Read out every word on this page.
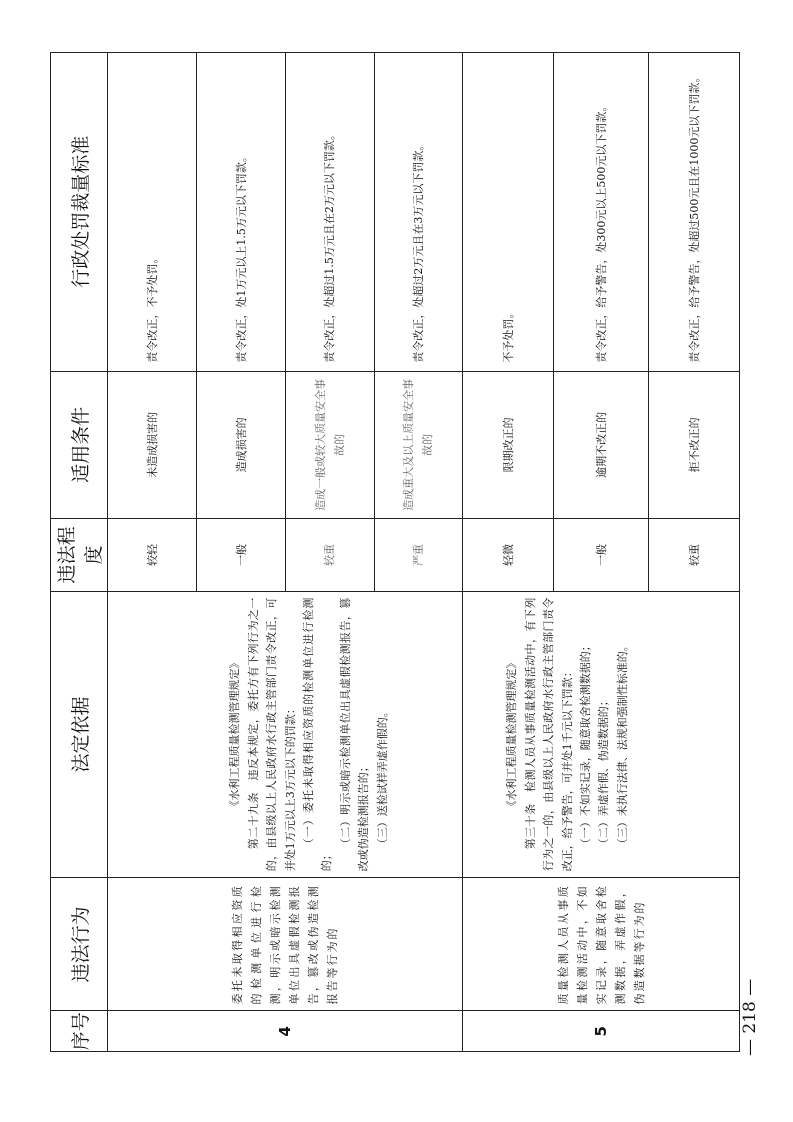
序号	违法行为	法定依据	违法程度	适用条件	行政处罚裁量标准
4	委托未取得相应资质的检测单位进行检测，明示或暗示检测单位出具虚假检测报告，篡改或伪造检测报告等行为的	《水利工程质量检测管理规定》 第二十九条　违反本规定，委托方有下列行为之一的，由县级以上人民政府水行政主管部门责令改正，可并处1万元以上3万元以下的罚款： （一）委托未取得相应资质的检测单位进行检测的；

（二）明示或暗示检测单位出具虚假检测报告，篡改或伪造检测报告的； （三）送检试样弄虚作假的。	较轻	未造成损害的	责令改正，不予处罚。
			一般	造成损害的	责令改正，处1万元以上1.5万元以下罚款。
			较重	造成一般或较大质量安全事故的	责令改正，处超过1.5万元且在2万元以下罚款。
			严重	造成重大及以上质量安全事故的	责令改正，处超过2万元且在3万元以下罚款。
5	质量检测人员从事质量检测活动中，不如实记录，随意取舍检测数据，弄虚作假，伪造数据等行为的	《水利工程质量检测管理规定》 第三十条　检测人员从事质量检测活动中，有下列行为之一的，由县级以上人民政府水行政主管部门责令改正，给予警告，可并处1千元以下罚款： （一）不如实记录，随意取舍检测数据的； （二）弄虚作假、伪造数据的； （三）未执行法律、法规和强制性标准的。	轻微	限期改正的	不予处罚。
			一般	逾期不改正的	责令改正，给予警告，处300元以上500元以下罚款。
			较重	拒不改正的	责令改正，给予警告，处超过500元且在1000元以下罚款。
— 218 —
